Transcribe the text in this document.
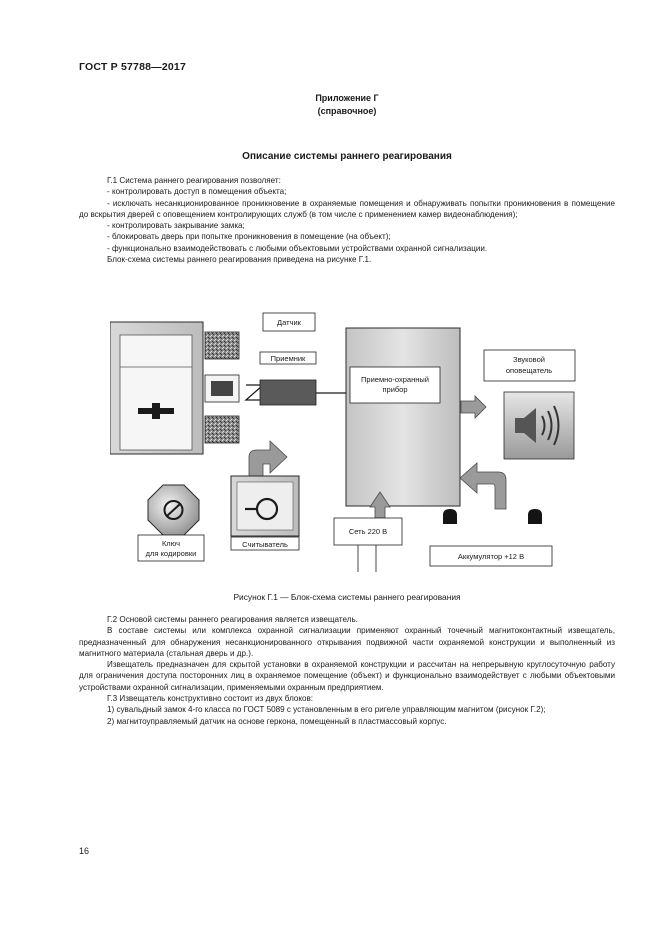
ГОСТ Р 57788—2017
Приложение Г
(справочное)
Описание системы раннего реагирования

Г.1 Система раннего реагирования позволяет:

- контролировать доступ в помещения объекта;

- исключать несанкционированное проникновение в охраняемые помещения и обнаруживать попытки проникновения в помещение до вскрытия дверей с оповещением контролирующих служб (в том числе с применением камер видеонаблюдения);

- контролировать закрывание замка;

- блокировать дверь при попытке проникновения в помещение (на объект);

- функционально взаимодействовать с любыми объектовыми устройствами охранной сигнализации.

Блок-схема системы раннего реагирования приведена на рисунке Г.1.

Датчик
Приемник
Приемно-охранный
прибор
Звуковой
оповещатель
Ключ
для кодировки
Считыватель
Сеть 220 В
Аккумулятор +12 В
Рисунок Г.1 — Блок-схема системы раннего реагирования

Г.2 Основой системы раннего реагирования является извещатель.

В составе системы или комплекса охранной сигнализации применяют охранный точечный магнитоконтактный извещатель, предназначенный для обнаружения несанкционированного открывания подвижной части охраняемой конструкции и выполненный из магнитного материала (стальная дверь и др.).

Извещатель предназначен для скрытой установки в охраняемой конструкции и рассчитан на непрерывную круглосуточную работу для ограничения доступа посторонних лиц в охраняемое помещение (объект) и функционально взаимодействует с любыми объектовыми устройствами охранной сигнализации, применяемыми охранным предприятием.

Г.3 Извещатель конструктивно состоит из двух блоков:

1) сувальдный замок 4-го класса по ГОСТ 5089 с установленным в его ригеле управляющим магнитом (рисунок Г.2);

2) магнитоуправляемый датчик на основе геркона, помещенный в пластмассовый корпус.

16
